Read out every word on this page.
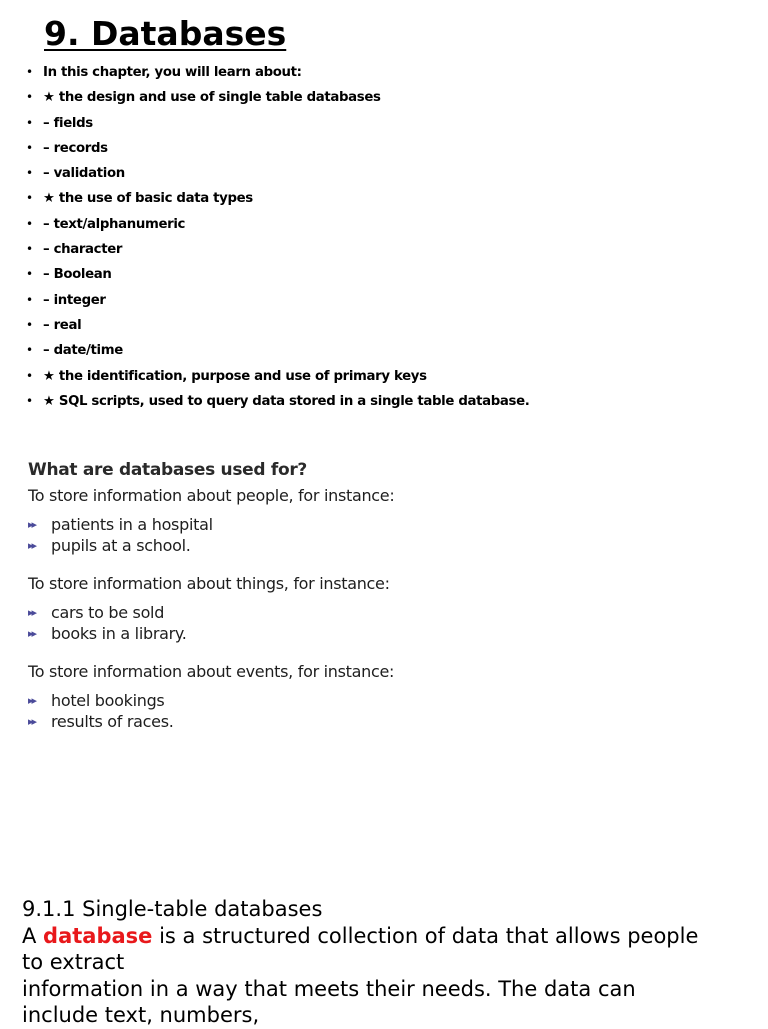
9. Databases
• In this chapter, you will learn about:
• ★ the design and use of single table databases
• – fields
• – records
• – validation
• ★ the use of basic data types
• – text/alphanumeric
• – character
• – Boolean
• – integer
• – real
• – date/time
• ★ the identification, purpose and use of primary keys
• ★ SQL scripts, used to query data stored in a single table database.
What are databases used for?

To store information about people, for instance:

▸▸ patients in a hospital
▸▸ pupils at a school.

To store information about things, for instance:

▸▸ cars to be sold
▸▸ books in a library.

To store information about events, for instance:

▸▸ hotel bookings
▸▸ results of races.

9.1.1 Single-table databases

A database is a structured collection of data that allows people

to extract

information in a way that meets their needs. The data can

include text, numbers,
